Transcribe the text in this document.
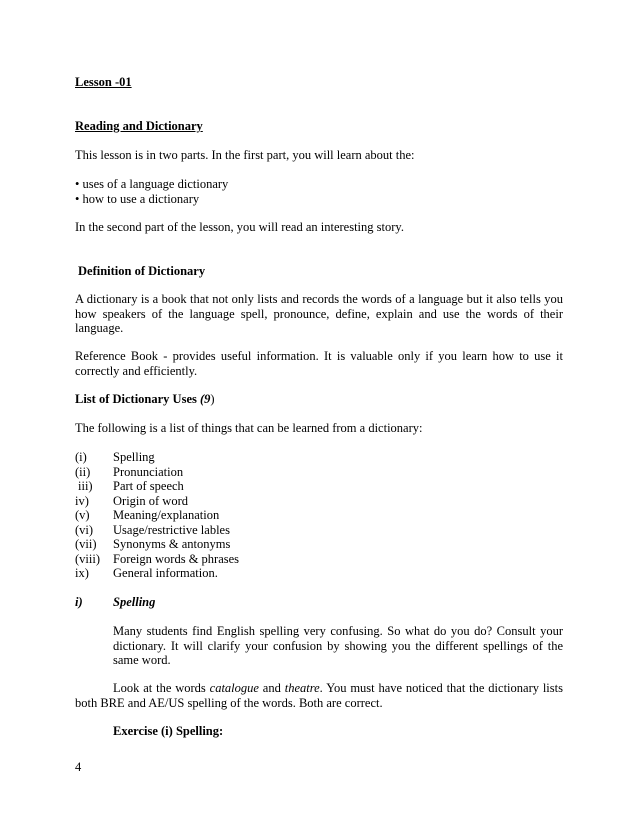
Lesson -01
Reading and Dictionary
This lesson is in two parts. In the first part, you will learn about the:
• uses of a language dictionary
• how to use a dictionary
In the second part of the lesson, you will read an interesting story.
Definition of Dictionary
A dictionary is a book that not only lists and records the words of a language but it also tells you how speakers of the language spell, pronounce, define, explain and use the words of their language.
Reference Book - provides useful information. It is valuable only if you learn how to use it correctly and efficiently.
List of Dictionary Uses (9)
The following is a list of things that can be learned from a dictionary:
(i) Spelling
(ii) Pronunciation
iii) Part of speech
iv) Origin of word
(v) Meaning/explanation
(vi) Usage/restrictive lables
(vii) Synonyms & antonyms
(viii) Foreign words & phrases
ix) General information.
i) Spelling
Many students find English spelling very confusing. So what do you do? Consult your dictionary. It will clarify your confusion by showing you the different spellings of the same word.
Look at the words catalogue and theatre. You must have noticed that the dictionary lists both BRE and AE/US spelling of the words. Both are correct.
Exercise (i) Spelling:
4
